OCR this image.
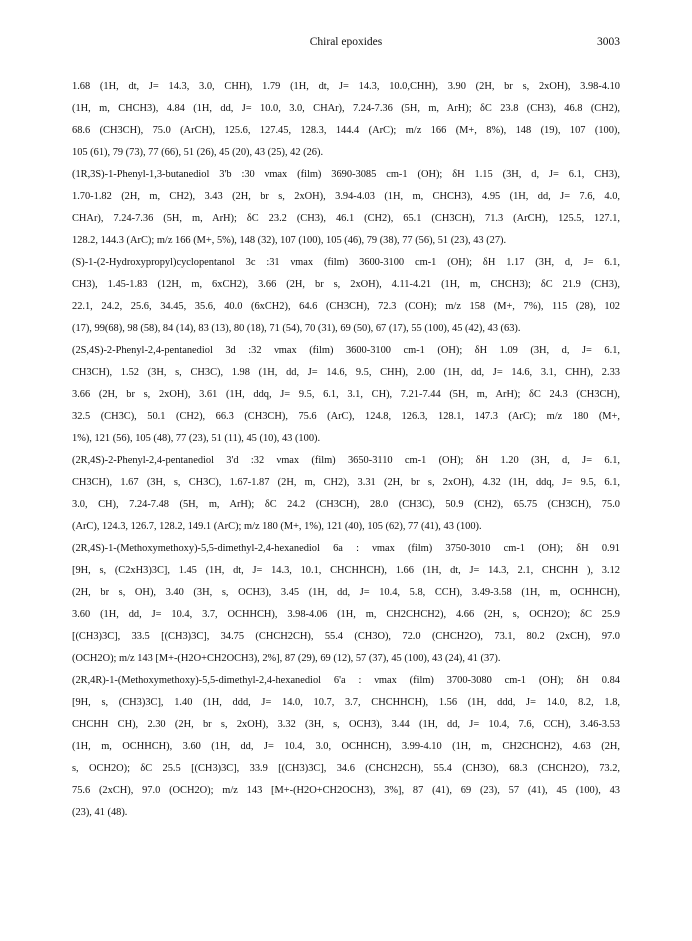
Chiral epoxides	3003
1.68 (1H, dt, J= 14.3, 3.0, CHH), 1.79 (1H, dt, J= 14.3, 10.0,CHH), 3.90 (2H, br s, 2xOH), 3.98-4.10
(1H, m, CHCH3), 4.84 (1H, dd, J= 10.0, 3.0, CHAr), 7.24-7.36 (5H, m, ArH); δC 23.8 (CH3), 46.8 (CH2),
68.6 (CH3CH), 75.0 (ArCH), 125.6, 127.45, 128.3, 144.4 (ArC); m/z 166 (M+, 8%), 148 (19), 107 (100),
105 (61), 79 (73), 77 (66), 51 (26), 45 (20), 43 (25), 42 (26).
(1R,3S)-1-Phenyl-1,3-butanediol 3'b :30 νmax (film) 3690-3085 cm-1 (OH); δH 1.15 (3H, d, J= 6.1, CH3),
1.70-1.82 (2H, m, CH2), 3.43 (2H, br s, 2xOH), 3.94-4.03 (1H, m, CHCH3), 4.95 (1H, dd, J= 7.6, 4.0,
CHAr), 7.24-7.36 (5H, m, ArH); δC 23.2 (CH3), 46.1 (CH2), 65.1 (CH3CH), 71.3 (ArCH), 125.5, 127.1,
128.2, 144.3 (ArC); m/z 166 (M+, 5%), 148 (32), 107 (100), 105 (46), 79 (38), 77 (56), 51 (23), 43 (27).
(S)-1-(2-Hydroxypropyl)cyclopentanol 3c :31 νmax (film) 3600-3100 cm-1 (OH); δH 1.17 (3H, d, J= 6.1,
CH3), 1.45-1.83 (12H, m, 6xCH2), 3.66 (2H, br s, 2xOH), 4.11-4.21 (1H, m, CHCH3); δC 21.9 (CH3),
22.1, 24.2, 25.6, 34.45, 35.6, 40.0 (6xCH2), 64.6 (CH3CH), 72.3 (COH); m/z 158 (M+, 7%), 115 (28), 102
(17), 99(68), 98 (58), 84 (14), 83 (13), 80 (18), 71 (54), 70 (31), 69 (50), 67 (17), 55 (100), 45 (42), 43 (63).
(2S,4S)-2-Phenyl-2,4-pentanediol 3d :32 νmax (film) 3600-3100 cm-1 (OH); δH 1.09 (3H, d, J= 6.1,
CH3CH), 1.52 (3H, s, CH3C), 1.98 (1H, dd, J= 14.6, 9.5, CHH), 2.00 (1H, dd, J= 14.6, 3.1, CHH), 2.33
3.66 (2H, br s, 2xOH), 3.61 (1H, ddq, J= 9.5, 6.1, 3.1, CH), 7.21-7.44 (5H, m, ArH); δC 24.3 (CH3CH),
32.5 (CH3C), 50.1 (CH2), 66.3 (CH3CH), 75.6 (ArC), 124.8, 126.3, 128.1, 147.3 (ArC); m/z 180 (M+,
1%), 121 (56), 105 (48), 77 (23), 51 (11), 45 (10), 43 (100).
(2R,4S)-2-Phenyl-2,4-pentanediol 3'd :32 νmax (film) 3650-3110 cm-1 (OH); δH 1.20 (3H, d, J= 6.1,
CH3CH), 1.67 (3H, s, CH3C), 1.67-1.87 (2H, m, CH2), 3.31 (2H, br s, 2xOH), 4.32 (1H, ddq, J= 9.5, 6.1,
3.0, CH), 7.24-7.48 (5H, m, ArH); δC 24.2 (CH3CH), 28.0 (CH3C), 50.9 (CH2), 65.75 (CH3CH), 75.0
(ArC), 124.3, 126.7, 128.2, 149.1 (ArC); m/z 180 (M+, 1%), 121 (40), 105 (62), 77 (41), 43 (100).
(2R,4S)-1-(Methoxymethoxy)-5,5-dimethyl-2,4-hexanediol 6a : νmax (film) 3750-3010 cm-1 (OH); δH 0.91
[9H, s, (C2xH3)3C], 1.45 (1H, dt, J= 14.3, 10.1, CHCHHCH), 1.66 (1H, dt, J= 14.3, 2.1, CHCHH ), 3.12
(2H, br s, OH), 3.40 (3H, s, OCH3), 3.45 (1H, dd, J= 10.4, 5.8, CCH), 3.49-3.58 (1H, m, OCHHCH),
3.60 (1H, dd, J= 10.4, 3.7, OCHHCH), 3.98-4.06 (1H, m, CH2CHCH2), 4.66 (2H, s, OCH2O); δC 25.9
[(CH3)3C], 33.5 [(CH3)3C], 34.75 (CHCH2CH), 55.4 (CH3O), 72.0 (CHCH2O), 73.1, 80.2 (2xCH), 97.0
(OCH2O); m/z 143 [M+-(H2O+CH2OCH3), 2%], 87 (29), 69 (12), 57 (37), 45 (100), 43 (24), 41 (37).
(2R,4R)-1-(Methoxymethoxy)-5,5-dimethyl-2,4-hexanediol 6'a : νmax (film) 3700-3080 cm-1 (OH); δH 0.84
[9H, s, (CH3)3C], 1.40 (1H, ddd, J= 14.0, 10.7, 3.7, CHCHHCH), 1.56 (1H, ddd, J= 14.0, 8.2, 1.8,
CHCHH CH), 2.30 (2H, br s, 2xOH), 3.32 (3H, s, OCH3), 3.44 (1H, dd, J= 10.4, 7.6, CCH), 3.46-3.53
(1H, m, OCHHCH), 3.60 (1H, dd, J= 10.4, 3.0, OCHHCH), 3.99-4.10 (1H, m, CH2CHCH2), 4.63 (2H,
s, OCH2O); δC 25.5 [(CH3)3C], 33.9 [(CH3)3C], 34.6 (CHCH2CH), 55.4 (CH3O), 68.3 (CHCH2O), 73.2,
75.6 (2xCH), 97.0 (OCH2O); m/z 143 [M+-(H2O+CH2OCH3), 3%], 87 (41), 69 (23), 57 (41), 45 (100), 43
(23), 41 (48).
